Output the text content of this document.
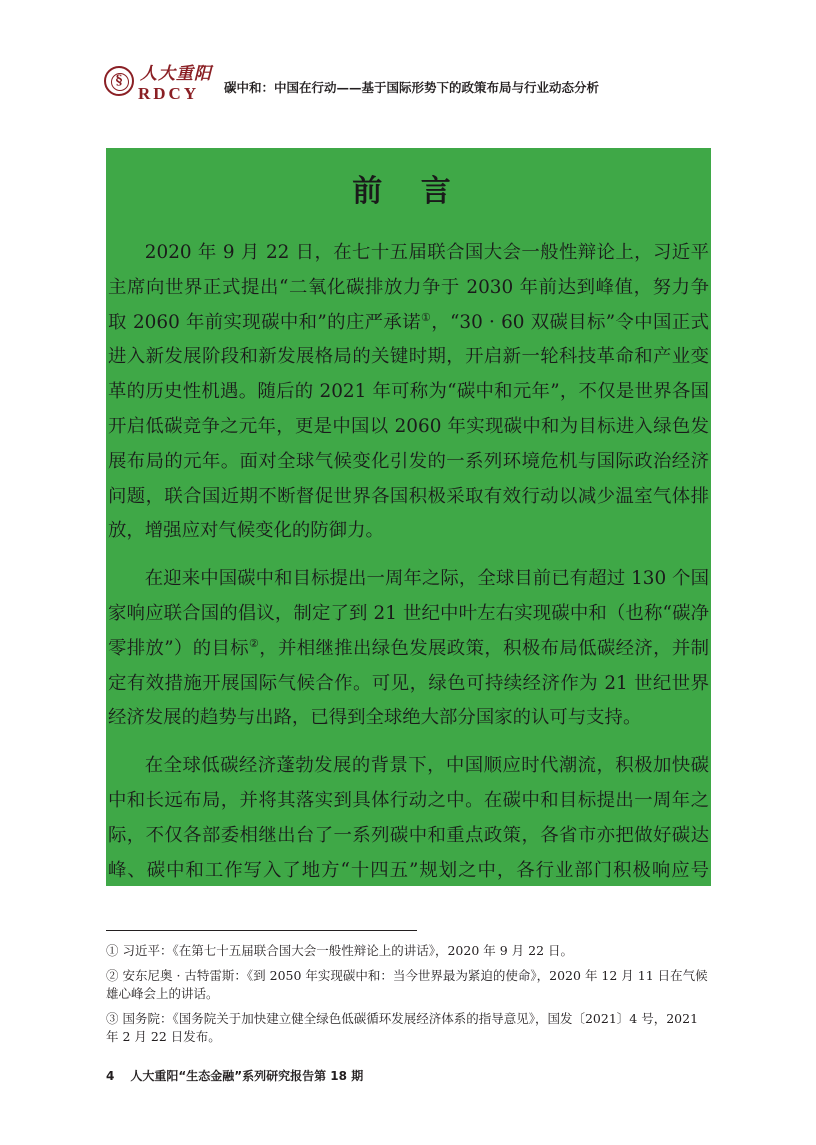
§	人大重阳
RDCY 碳中和：中国在行动——基于国际形势下的政策布局与行业动态分析
前 言

2020 年 9 月 22 日，在七十五届联合国大会一般性辩论上，习近平主席向世界正式提出“二氧化碳排放力争于 2030 年前达到峰值，努力争取 2060 年前实现碳中和”的庄严承诺①，“30 · 60 双碳目标”令中国正式进入新发展阶段和新发展格局的关键时期，开启新一轮科技革命和产业变革的历史性机遇。随后的 2021 年可称为“碳中和元年”，不仅是世界各国开启低碳竞争之元年，更是中国以 2060 年实现碳中和为目标进入绿色发展布局的元年。面对全球气候变化引发的一系列环境危机与国际政治经济问题，联合国近期不断督促世界各国积极采取有效行动以减少温室气体排放，增强应对气候变化的防御力。

在迎来中国碳中和目标提出一周年之际，全球目前已有超过 130 个国家响应联合国的倡议，制定了到 21 世纪中叶左右实现碳中和（也称“碳净零排放”）的目标②，并相继推出绿色发展政策，积极布局低碳经济，并制定有效措施开展国际气候合作。可见，绿色可持续经济作为 21 世纪世界经济发展的趋势与出路，已得到全球绝大部分国家的认可与支持。

在全球低碳经济蓬勃发展的背景下，中国顺应时代潮流，积极加快碳中和长远布局，并将其落实到具体行动之中。在碳中和目标提出一周年之际，不仅各部委相继出台了一系列碳中和重点政策，各省市亦把做好碳达峰、碳中和工作写入了地方“十四五”规划之中，各行业部门积极响应号

① 习近平：《在第七十五届联合国大会一般性辩论上的讲话》，2020 年 9 月 22 日。

② 安东尼奥 · 古特雷斯：《到 2050 年实现碳中和：当今世界最为紧迫的使命》，2020 年 12 月 11 日在气候雄心峰会上的讲话。

③ 国务院：《国务院关于加快建立健全绿色低碳循环发展经济体系的指导意见》，国发〔2021〕4 号，2021 年 2 月 22 日发布。

4 人大重阳“生态金融”系列研究报告第 18 期
